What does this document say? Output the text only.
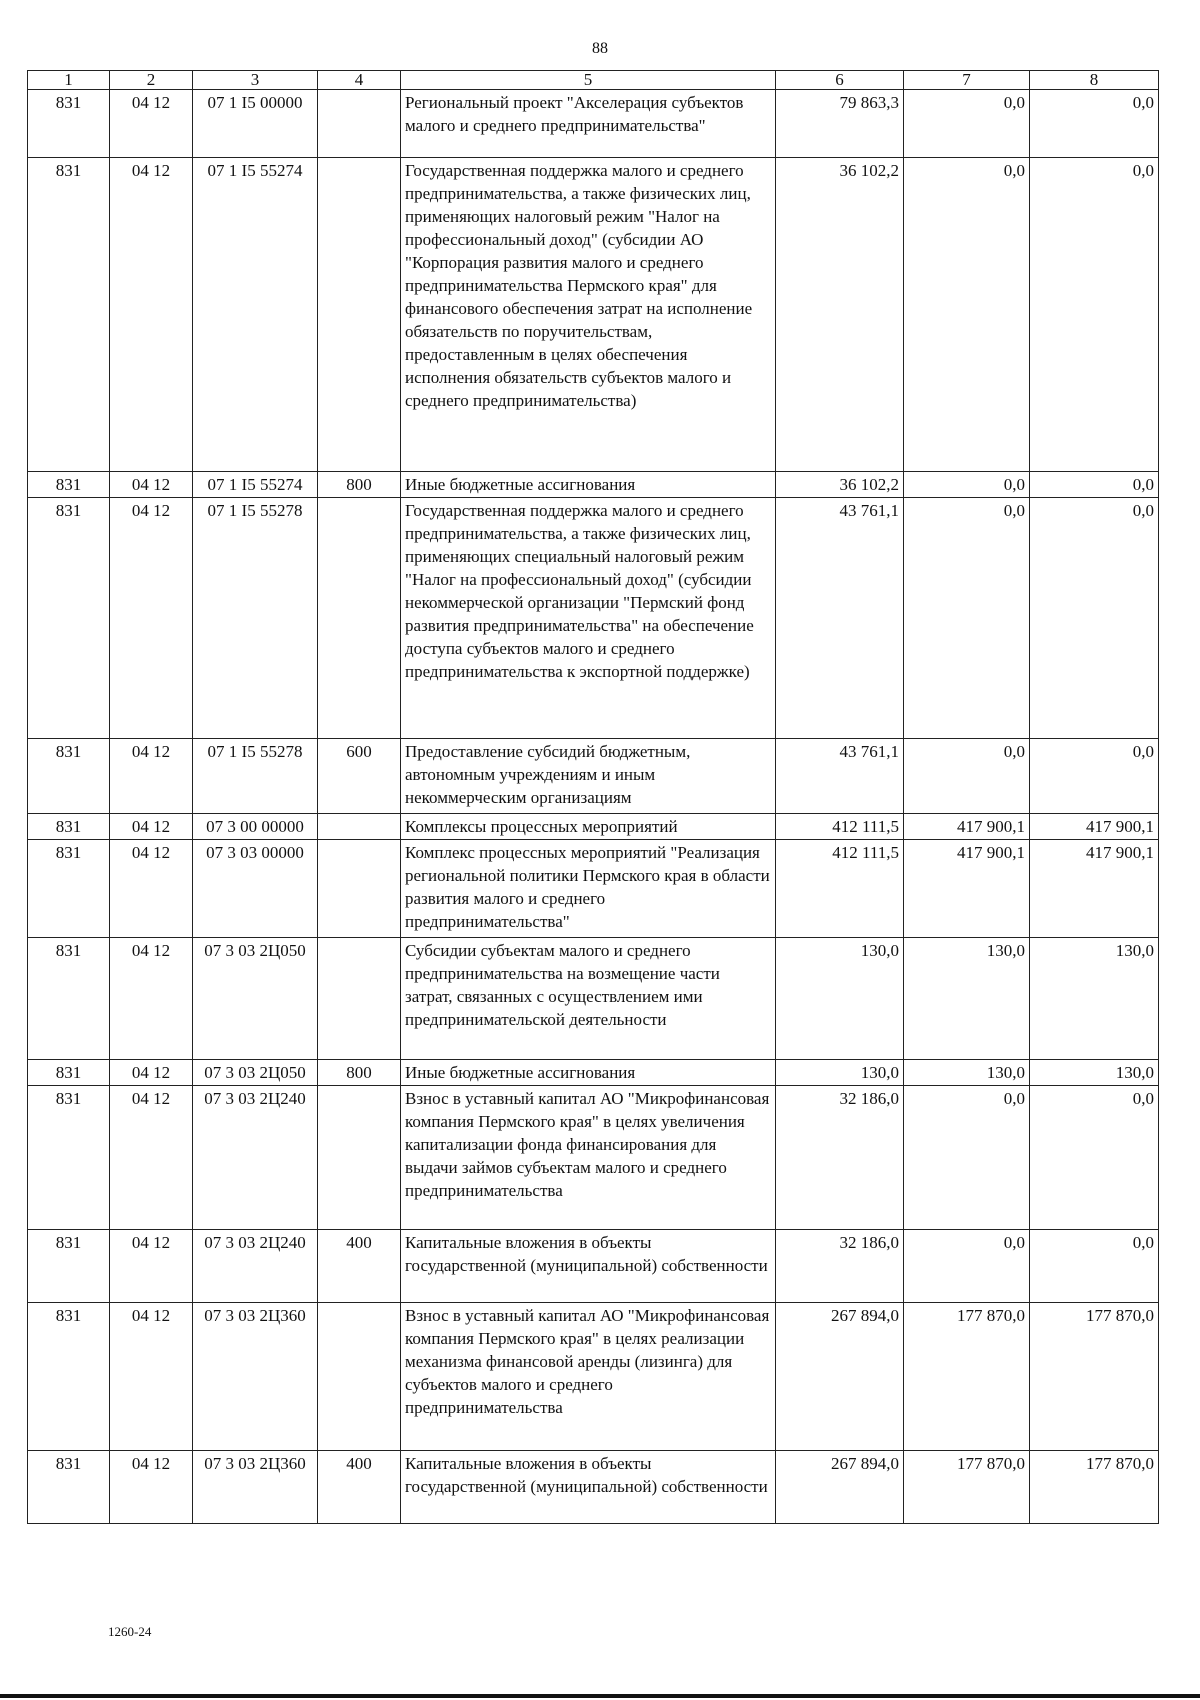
88
1	2	3	4	5	6	7	8
831	04 12	07 1 I5 00000		Региональный проект "Акселерация субъектов малого и среднего предпринимательства"	79 863,3	0,0	0,0
831	04 12	07 1 I5 55274		Государственная поддержка малого и среднего предпринимательства, а также физических лиц, применяющих налоговый режим "Налог на профессиональный доход" (субсидии АО "Корпорация развития малого и среднего предпринимательства Пермского края" для финансового обеспечения затрат на исполнение обязательств по поручительствам, предоставленным в целях обеспечения исполнения обязательств субъектов малого и среднего предпринимательства)	36 102,2	0,0	0,0
831	04 12	07 1 I5 55274	800	Иные бюджетные ассигнования	36 102,2	0,0	0,0
831	04 12	07 1 I5 55278		Государственная поддержка малого и среднего предпринимательства, а также физических лиц, применяющих специальный налоговый режим "Налог на профессиональный доход" (субсидии некоммерческой организации "Пермский фонд развития предпринимательства" на обеспечение доступа субъектов малого и среднего предпринимательства к экспортной поддержке)	43 761,1	0,0	0,0
831	04 12	07 1 I5 55278	600	Предоставление субсидий бюджетным, автономным учреждениям и иным некоммерческим организациям	43 761,1	0,0	0,0
831	04 12	07 3 00 00000		Комплексы процессных мероприятий	412 111,5	417 900,1	417 900,1
831	04 12	07 3 03 00000		Комплекс процессных мероприятий "Реализация региональной политики Пермского края в области развития малого и среднего предпринимательства"	412 111,5	417 900,1	417 900,1
831	04 12	07 3 03 2Ц050		Субсидии субъектам малого и среднего предпринимательства на возмещение части затрат, связанных с осуществлением ими предпринимательской деятельности	130,0	130,0	130,0
831	04 12	07 3 03 2Ц050	800	Иные бюджетные ассигнования	130,0	130,0	130,0
831	04 12	07 3 03 2Ц240		Взнос в уставный капитал АО "Микрофинансовая компания Пермского края" в целях увеличения капитализации фонда финансирования для выдачи займов субъектам малого и среднего предпринимательства	32 186,0	0,0	0,0
831	04 12	07 3 03 2Ц240	400	Капитальные вложения в объекты государственной (муниципальной) собственности	32 186,0	0,0	0,0
831	04 12	07 3 03 2Ц360		Взнос в уставный капитал АО "Микрофинансовая компания Пермского края" в целях реализации механизма финансовой аренды (лизинга) для субъектов малого и среднего предпринимательства	267 894,0	177 870,0	177 870,0
831	04 12	07 3 03 2Ц360	400	Капитальные вложения в объекты государственной (муниципальной) собственности	267 894,0	177 870,0	177 870,0
1260-24
